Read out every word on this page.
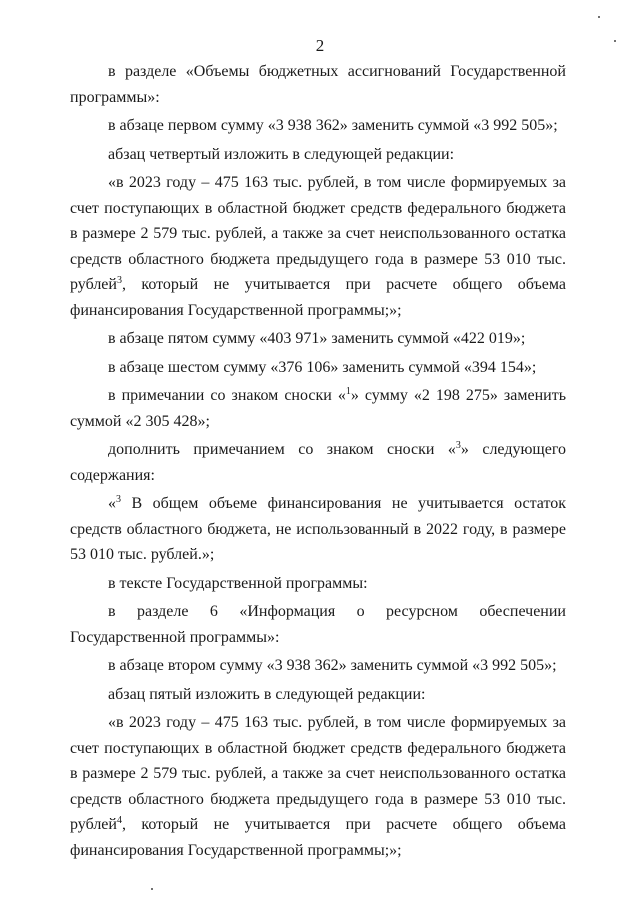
2

в разделе «Объемы бюджетных ассигнований Государственной программы»:

в абзаце первом сумму «3 938 362» заменить суммой «3 992 505»;

абзац четвертый изложить в следующей редакции:

«в 2023 году – 475 163 тыс. рублей, в том числе формируемых за счет поступающих в областной бюджет средств федерального бюджета в размере 2 579 тыс. рублей, а также за счет неиспользованного остатка средств областного бюджета предыдущего года в размере 53 010 тыс. рублей$^3$, который не учитывается при расчете общего объема финансирования Государственной программы;»;

в абзаце пятом сумму «403 971» заменить суммой «422 019»;

в абзаце шестом сумму «376 106» заменить суммой «394 154»;

в примечании со знаком сноски «$^1$» сумму «2 198 275» заменить суммой «2 305 428»;

дополнить примечанием со знаком сноски «$^3$» следующего содержания:

«$^3$ В общем объеме финансирования не учитывается остаток средств областного бюджета, не использованный в 2022 году, в размере 53 010 тыс. рублей.»;

в тексте Государственной программы:

в разделе 6 «Информация о ресурсном обеспечении Государственной программы»:

в абзаце втором сумму «3 938 362» заменить суммой «3 992 505»;

абзац пятый изложить в следующей редакции:

«в 2023 году – 475 163 тыс. рублей, в том числе формируемых за счет поступающих в областной бюджет средств федерального бюджета в размере 2 579 тыс. рублей, а также за счет неиспользованного остатка средств областного бюджета предыдущего года в размере 53 010 тыс. рублей$^4$, который не учитывается при расчете общего объема финансирования Государственной программы;»;
